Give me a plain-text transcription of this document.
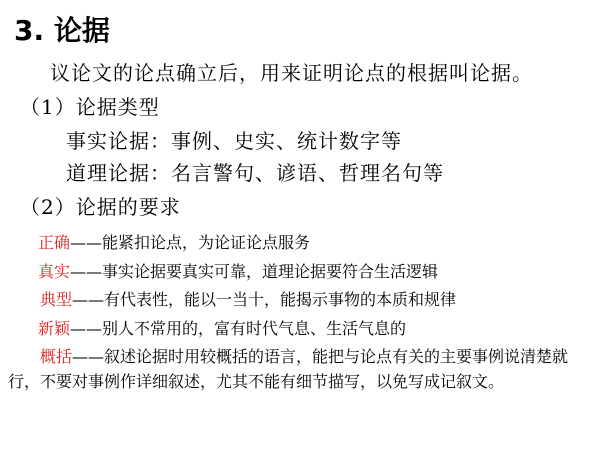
3. 论据
议论文的论点确立后，用来证明论点的根据叫论据。
（1）论据类型
事实论据：事例、史实、统计数字等
道理论据：名言警句、谚语、哲理名句等
（2）论据的要求
正确——能紧扣论点，为论证论点服务
真实——事实论据要真实可靠，道理论据要符合生活逻辑
典型——有代表性，能以一当十，能揭示事物的本质和规律
新颖——别人不常用的，富有时代气息、生活气息的
概括——叙述论据时用较概括的语言，能把与论点有关的主要事例说清楚就行，不要对事例作详细叙述，尤其不能有细节描写，以免写成记叙文。
